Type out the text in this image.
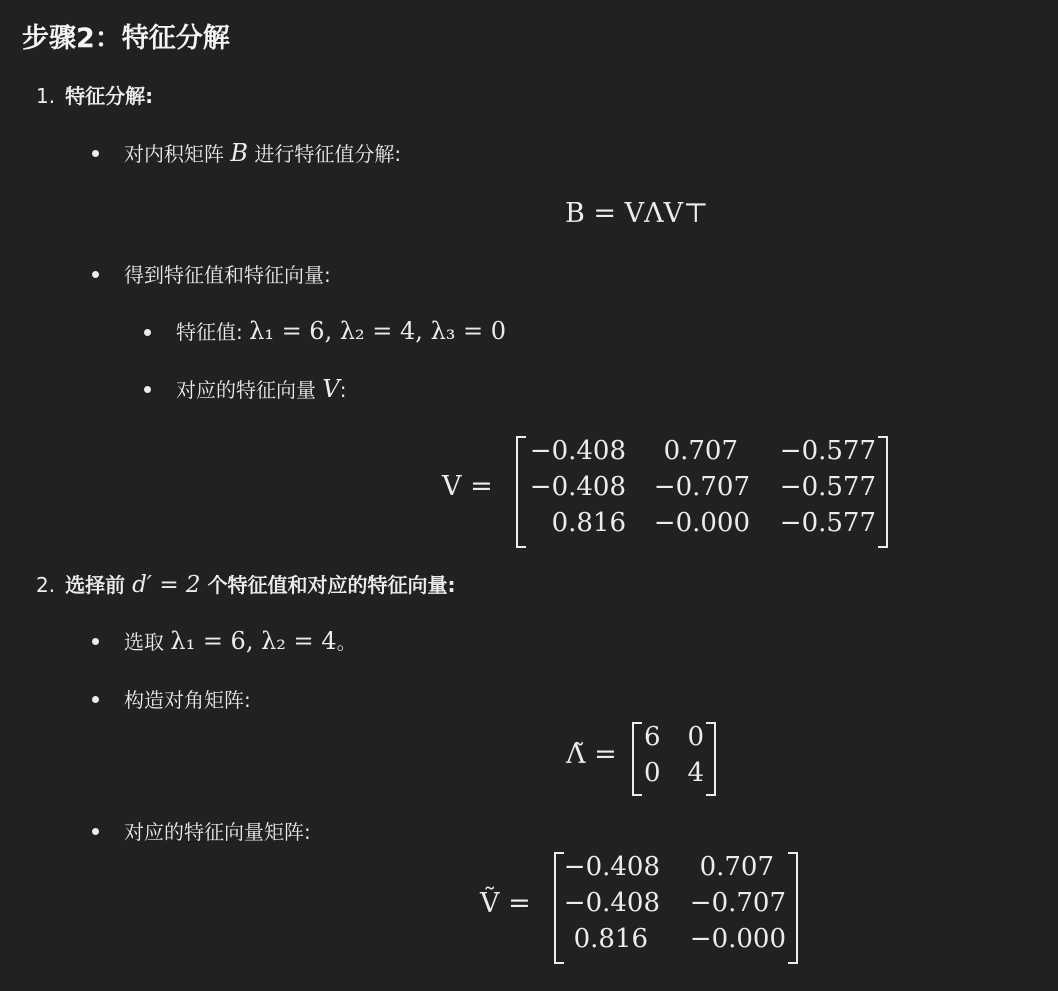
步骤2：特征分解
1. 特征分解:
对内积矩阵 B 进行特征值分解:
B = VΛV⊤
得到特征值和特征向量:
特征值: λ₁ = 6, λ₂ = 4, λ₃ = 0
对应的特征向量 V:
V =
−0.408 0.707 −0.577
−0.408 −0.707 −0.577
0.816 −0.000 −0.577
2. 选择前 d′ = 2 个特征值和对应的特征向量:
选取 λ₁ = 6, λ₂ = 4。
构造对角矩阵:
Λ̃ =
6 0
0 4
对应的特征向量矩阵:
Ṽ =
−0.408 0.707
−0.408 −0.707
0.816 −0.000
